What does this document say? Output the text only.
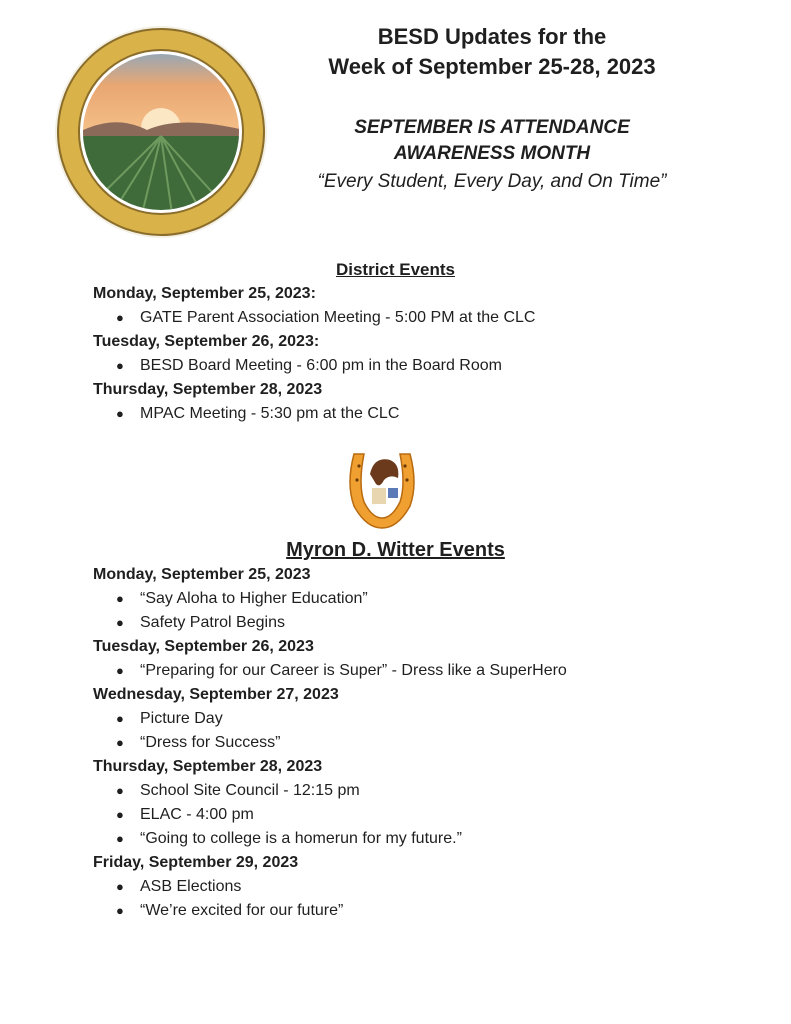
BESD Updates for the
Week of September 25-28, 2023
SEPTEMBER IS ATTENDANCE
AWARENESS MONTH
“Every Student, Every Day, and On Time”
District Events
Monday, September 25, 2023:
● GATE Parent Association Meeting - 5:00 PM at the CLC
Tuesday, September 26, 2023:
● BESD Board Meeting - 6:00 pm in the Board Room
Thursday, September 28, 2023
● MPAC Meeting - 5:30 pm at the CLC
Myron D. Witter Events
Monday, September 25, 2023
● “Say Aloha to Higher Education”
● Safety Patrol Begins
Tuesday, September 26, 2023
● “Preparing for our Career is Super” - Dress like a SuperHero
Wednesday, September 27, 2023
● Picture Day
● “Dress for Success”
Thursday, September 28, 2023
● School Site Council - 12:15 pm
● ELAC - 4:00 pm
● “Going to college is a homerun for my future.”
Friday, September 29, 2023
● ASB Elections
● “We’re excited for our future”
